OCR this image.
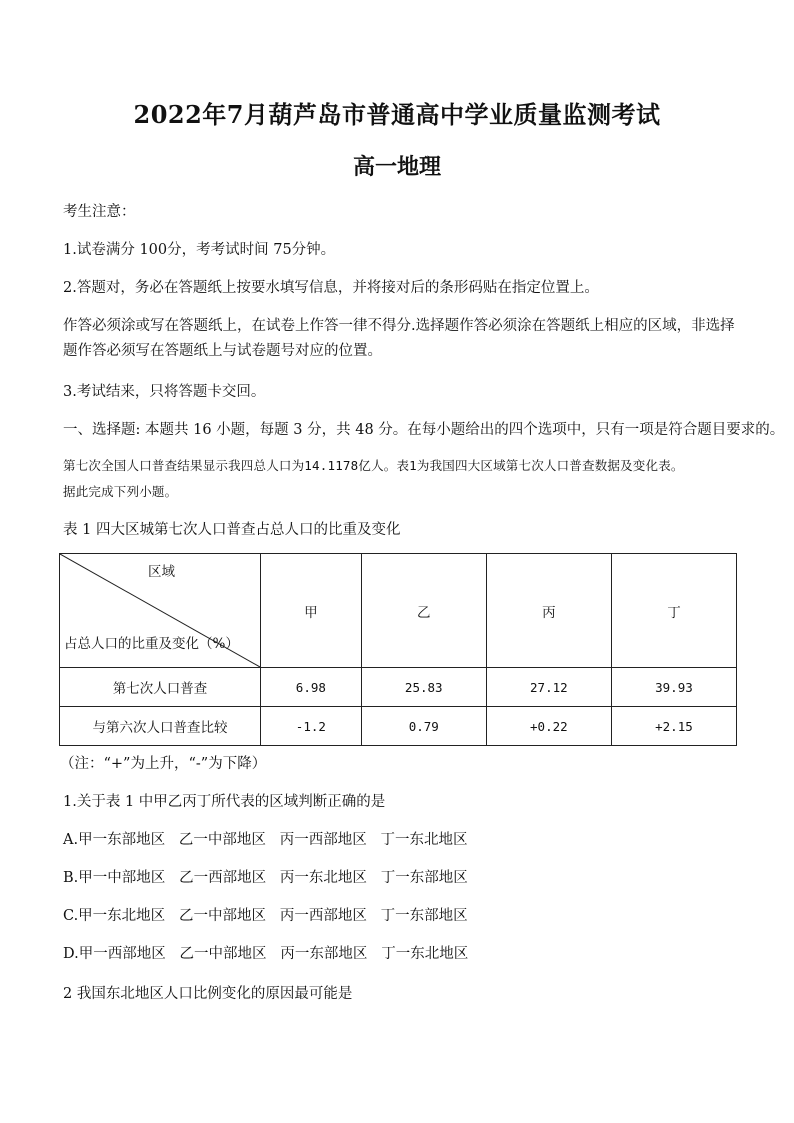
2022年7月葫芦岛市普通高中学业质量监测考试
高一地理
考生注意：
1.试卷满分 100分，考考试时间 75分钟。
2.答题对，务必在答题纸上按要水填写信息，并将接对后的条形码贴在指定位置上。
作答必须涂或写在答题纸上，在试卷上作答一律不得分.选择题作答必须涂在答题纸上相应的区域，非选择题作答必须写在答题纸上与试卷题号对应的位置。
3.考试结来，只将答题卡交回。
一、选择题: 本题共 16 小题，每题 3 分，共 48 分。在每小题给出的四个选项中，只有一项是符合题目要求的。
第七次全国人口普查结果显示我四总人口为14.1178亿人。表1为我国四大区域第七次人口普查数据及变化表。
据此完成下列小题。
表 1 四大区城第七次人口普查占总人口的比重及变化
区域
占总人口的比重及变化（%）	甲	乙	丙	丁
第七次人口普查	6.98	25.83	27.12	39.93
与第六次人口普查比较	-1.2	0.79	+0.22	+2.15
（注：“+”为上升，“-”为下降）
1.关于表 1 中甲乙丙丁所代表的区域判断正确的是
A.甲一东部地区   乙一中部地区   丙一西部地区   丁一东北地区
B.甲一中部地区   乙一西部地区   丙一东北地区   丁一东部地区
C.甲一东北地区   乙一中部地区   丙一西部地区   丁一东部地区
D.甲一西部地区   乙一中部地区   丙一东部地区   丁一东北地区
2 我国东北地区人口比例变化的原因最可能是
